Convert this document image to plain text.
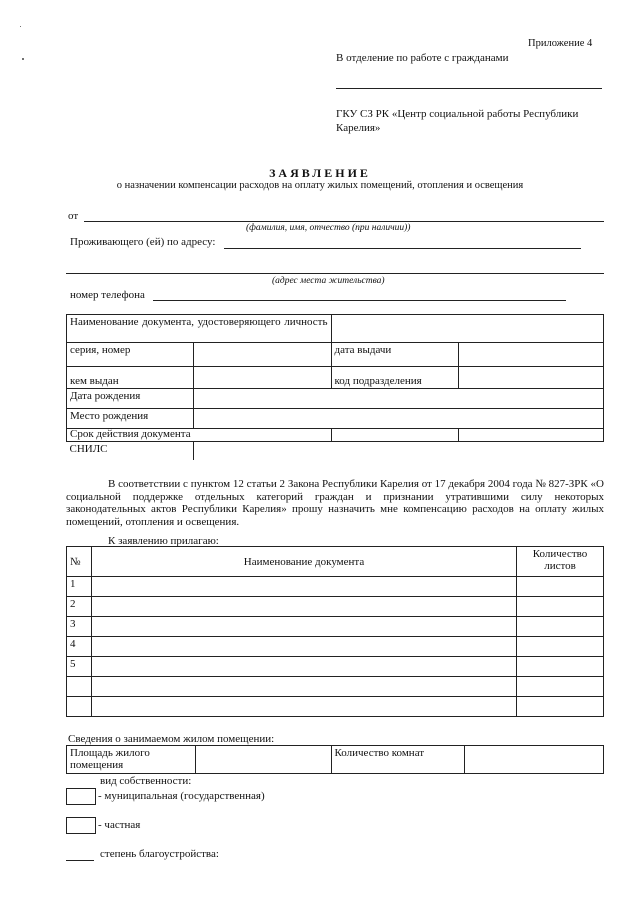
Приложение 4
В отделение по работе с гражданами
ГКУ СЗ РК «Центр социальной работы Республики
Карелия»
ЗАЯВЛЕНИЕ
о назначении компенсации расходов на оплату жилых помещений, отопления и освещения
от
(фамилия, имя, отчество (при наличии))
Проживающего (ей) по адресу:
(адрес места жительства)
номер телефона
Наименование документа, удостоверяющего личность			
серия, номер		дата выдачи	
кем выдан		код подразделения	
Дата рождения			
Место рождения			
Срок действия документа			
СНИЛС			
В соответствии с пунктом 12 статьи 2 Закона Республики Карелия от 17 декабря 2004 года № 827-ЗРК «О социальной поддержке отдельных категорий граждан и признании утратившими силу некоторых законодательных актов Республики Карелия» прошу назначить мне компенсацию расходов на оплату жилых помещений, отопления и освещения.
К заявлению прилагаю:
№	Наименование документа	Количество листов
1		
2		
3		
4		
5		

Сведения о занимаемом жилом помещении:
Площадь жилого помещения		Количество комнат	
вид собственности:
- муниципальная (государственная)
- частная
степень благоустройства:
